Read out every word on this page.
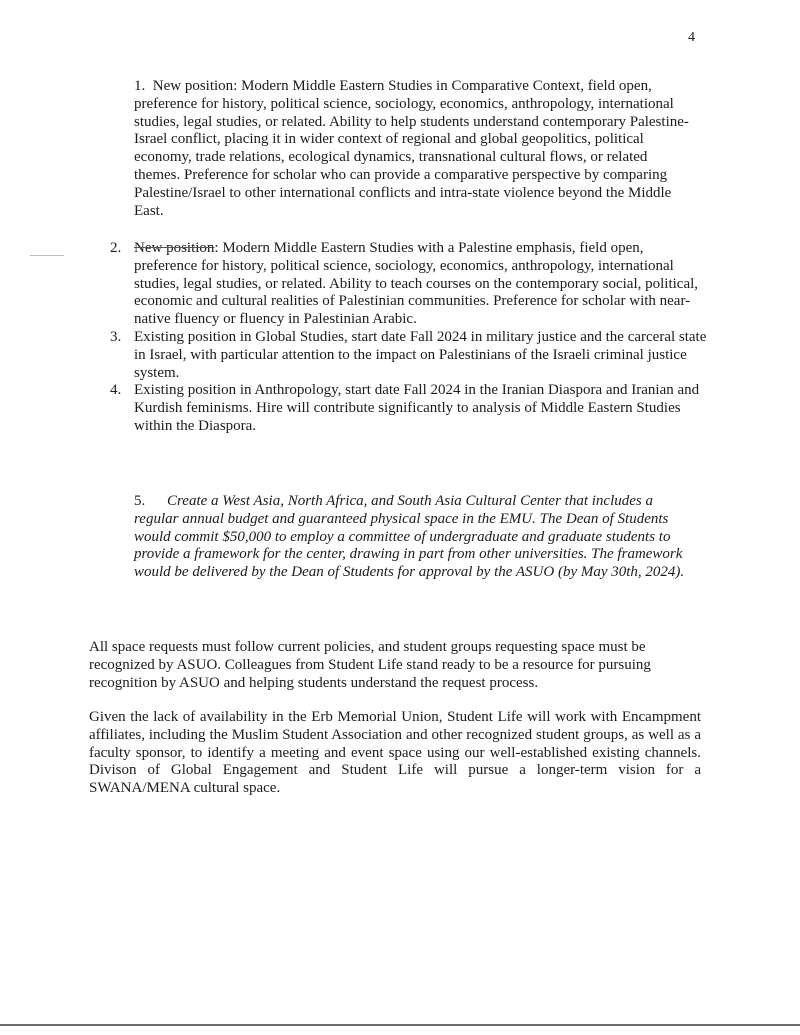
4
1. New position: Modern Middle Eastern Studies in Comparative Context, field open, preference for history, political science, sociology, economics, anthropology, international studies, legal studies, or related. Ability to help students understand contemporary Palestine-Israel conflict, placing it in wider context of regional and global geopolitics, political economy, trade relations, ecological dynamics, transnational cultural flows, or related themes. Preference for scholar who can provide a comparative perspective by comparing Palestine/Israel to other international conflicts and intra-state violence beyond the Middle East.
2. New position: Modern Middle Eastern Studies with a Palestine emphasis, field open, preference for history, political science, sociology, economics, anthropology, international studies, legal studies, or related. Ability to teach courses on the contemporary social, political, economic and cultural realities of Palestinian communities. Preference for scholar with near-native fluency or fluency in Palestinian Arabic.
3. Existing position in Global Studies, start date Fall 2024 in military justice and the carceral state in Israel, with particular attention to the impact on Palestinians of the Israeli criminal justice system.
4. Existing position in Anthropology, start date Fall 2024 in the Iranian Diaspora and Iranian and Kurdish feminisms. Hire will contribute significantly to analysis of Middle Eastern Studies within the Diaspora.
5. Create a West Asia, North Africa, and South Asia Cultural Center that includes a regular annual budget and guaranteed physical space in the EMU. The Dean of Students would commit $50,000 to employ a committee of undergraduate and graduate students to provide a framework for the center, drawing in part from other universities. The framework would be delivered by the Dean of Students for approval by the ASUO (by May 30th, 2024).
All space requests must follow current policies, and student groups requesting space must be recognized by ASUO. Colleagues from Student Life stand ready to be a resource for pursuing recognition by ASUO and helping students understand the request process.
Given the lack of availability in the Erb Memorial Union, Student Life will work with Encampment affiliates, including the Muslim Student Association and other recognized student groups, as well as a faculty sponsor, to identify a meeting and event space using our well-established existing channels. Divison of Global Engagement and Student Life will pursue a longer-term vision for a SWANA/MENA cultural space.
